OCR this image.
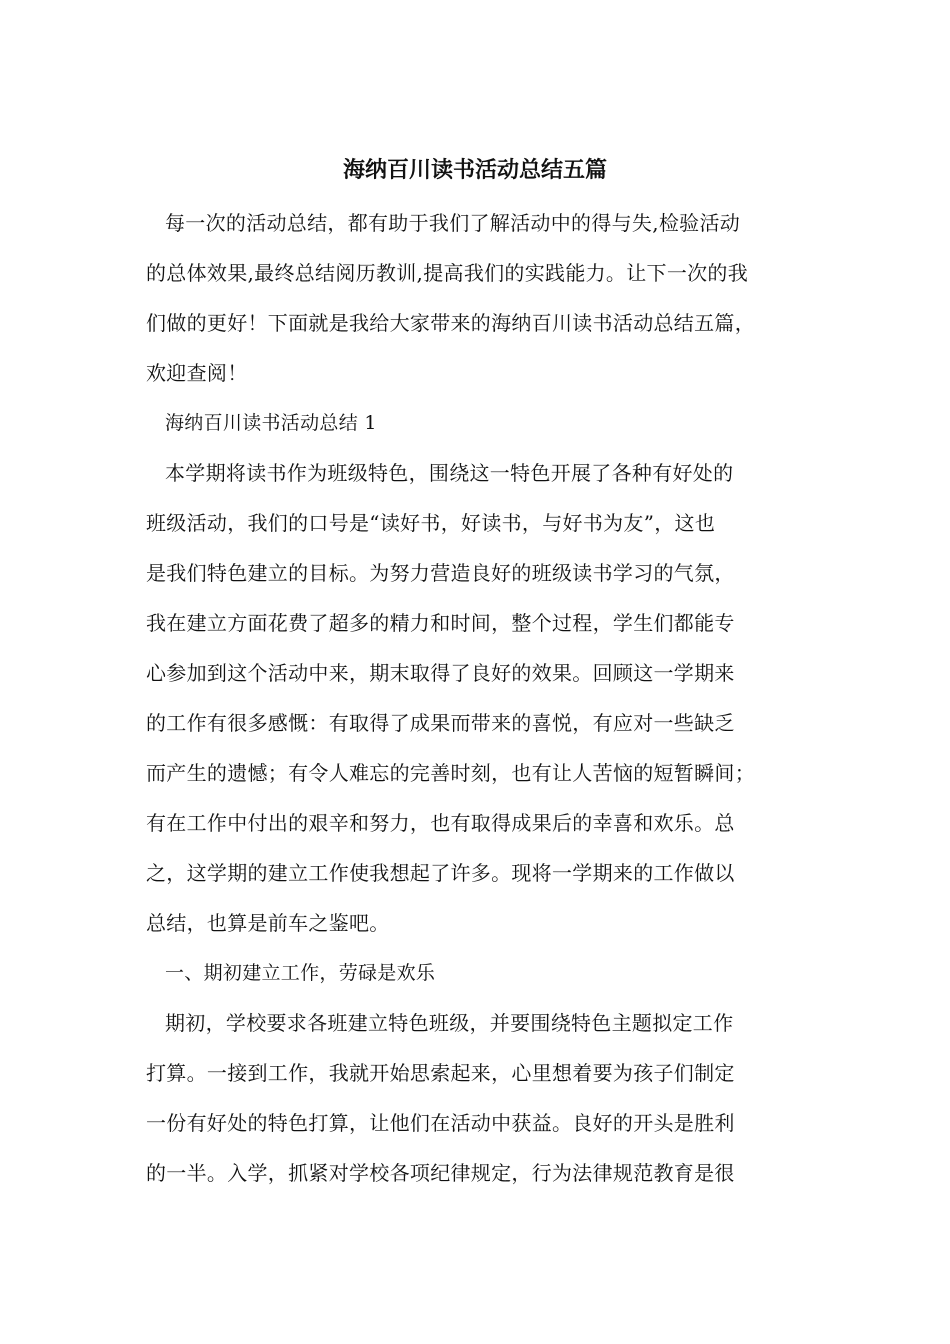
海纳百川读书活动总结五篇
每一次的活动总结，都有助于我们了解活动中的得与失,检验活动
的总体效果,最终总结阅历教训,提高我们的实践能力。让下一次的我
们做的更好！下面就是我给大家带来的海纳百川读书活动总结五篇，
欢迎查阅！
海纳百川读书活动总结 1
本学期将读书作为班级特色，围绕这一特色开展了各种有好处的
班级活动，我们的口号是“读好书，好读书，与好书为友”，这也
是我们特色建立的目标。为努力营造良好的班级读书学习的气氛，
我在建立方面花费了超多的精力和时间，整个过程，学生们都能专
心参加到这个活动中来，期末取得了良好的效果。回顾这一学期来
的工作有很多感慨：有取得了成果而带来的喜悦，有应对一些缺乏
而产生的遗憾；有令人难忘的完善时刻，也有让人苦恼的短暂瞬间；
有在工作中付出的艰辛和努力，也有取得成果后的幸喜和欢乐。总
之，这学期的建立工作使我想起了许多。现将一学期来的工作做以
总结，也算是前车之鉴吧。
一、期初建立工作，劳碌是欢乐
期初，学校要求各班建立特色班级，并要围绕特色主题拟定工作
打算。一接到工作，我就开始思索起来，心里想着要为孩子们制定
一份有好处的特色打算，让他们在活动中获益。良好的开头是胜利
的一半。入学，抓紧对学校各项纪律规定，行为法律规范教育是很
